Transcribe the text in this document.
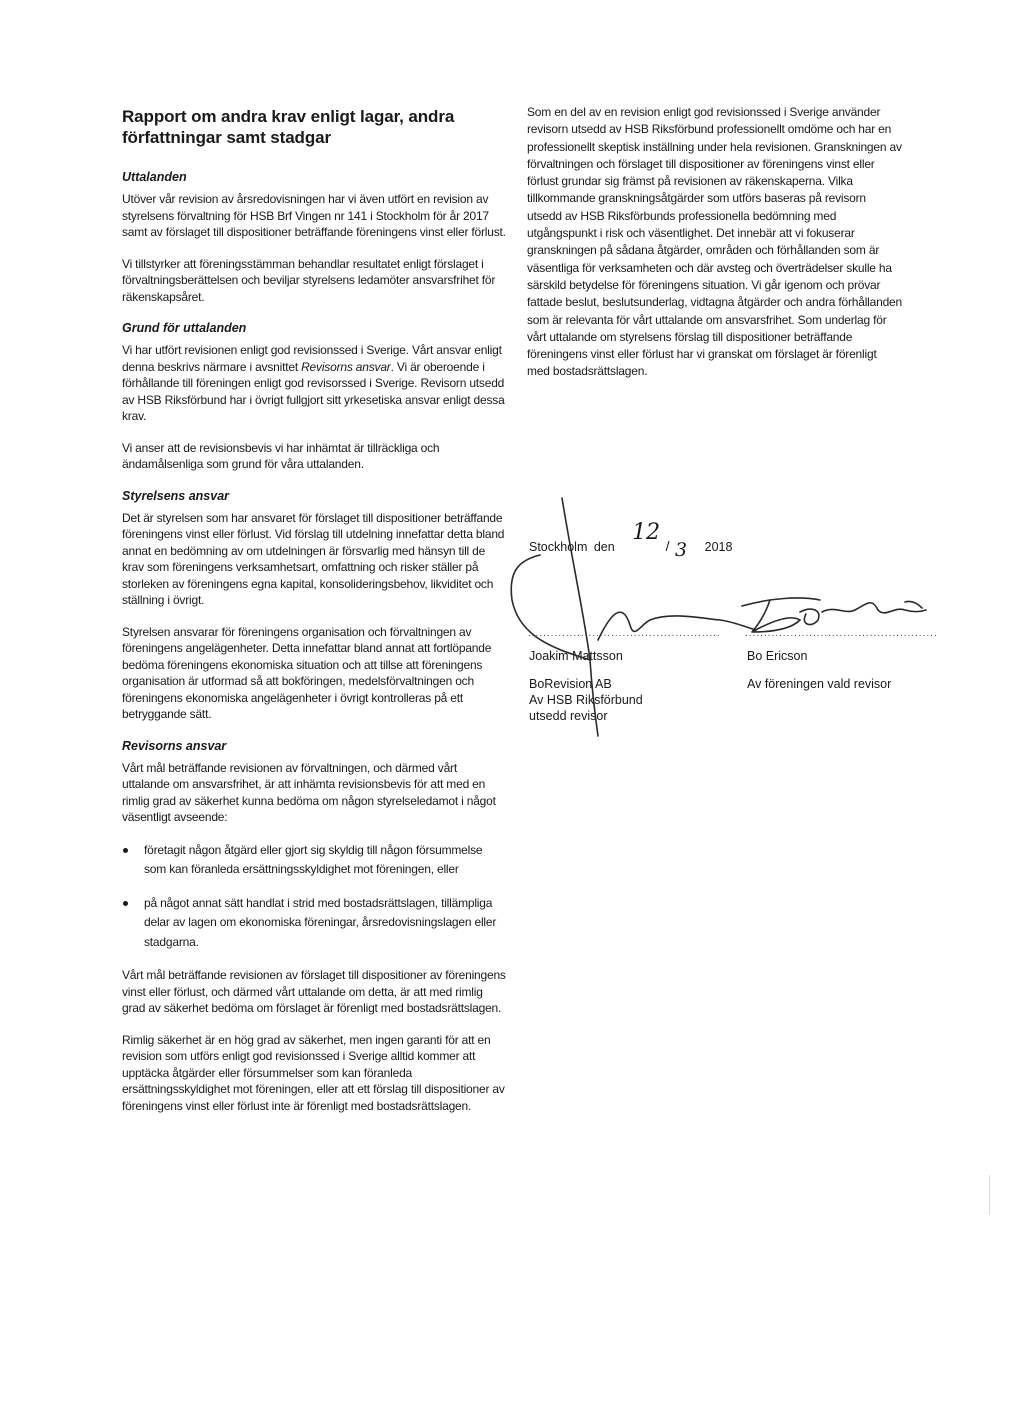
Rapport om andra krav enligt lagar, andra författningar samt stadgar
Uttalanden

Utöver vår revision av årsredovisningen har vi även utfört en revision av styrelsens förvaltning för HSB Brf Vingen nr 141 i Stockholm för år 2017 samt av förslaget till dispositioner beträffande föreningens vinst eller förlust.

Vi tillstyrker att föreningsstämman behandlar resultatet enligt förslaget i förvaltningsberättelsen och beviljar styrelsens ledamöter ansvarsfrihet för räkenskapsåret.

Grund för uttalanden

Vi har utfört revisionen enligt god revisionssed i Sverige. Vårt ansvar enligt denna beskrivs närmare i avsnittet Revisorns ansvar. Vi är oberoende i förhållande till föreningen enligt god revisorssed i Sverige. Revisorn utsedd av HSB Riksförbund har i övrigt fullgjort sitt yrkesetiska ansvar enligt dessa krav.

Vi anser att de revisionsbevis vi har inhämtat är tillräckliga och ändamålsenliga som grund för våra uttalanden.

Styrelsens ansvar

Det är styrelsen som har ansvaret för förslaget till dispositioner beträffande föreningens vinst eller förlust. Vid förslag till utdelning innefattar detta bland annat en bedömning av om utdelningen är försvarlig med hänsyn till de krav som föreningens verksamhetsart, omfattning och risker ställer på storleken av föreningens egna kapital, konsolideringsbehov, likviditet och ställning i övrigt.

Styrelsen ansvarar för föreningens organisation och förvaltningen av föreningens angelägenheter. Detta innefattar bland annat att fortlöpande bedöma föreningens ekonomiska situation och att tillse att föreningens organisation är utformad så att bokföringen, medelsförvaltningen och föreningens ekonomiska angelägenheter i övrigt kontrolleras på ett betryggande sätt.

Revisorns ansvar

Vårt mål beträffande revisionen av förvaltningen, och därmed vårt uttalande om ansvarsfrihet, är att inhämta revisionsbevis för att med en rimlig grad av säkerhet kunna bedöma om någon styrelseledamot i något väsentligt avseende:

företagit någon åtgärd eller gjort sig skyldig till någon försummelse som kan föranleda ersättningsskyldighet mot föreningen, eller
på något annat sätt handlat i strid med bostadsrättslagen, tillämpliga delar av lagen om ekonomiska föreningar, årsredovisningslagen eller stadgarna.

Vårt mål beträffande revisionen av förslaget till dispositioner av föreningens vinst eller förlust, och därmed vårt uttalande om detta, är att med rimlig grad av säkerhet bedöma om förslaget är förenligt med bostadsrättslagen.

Rimlig säkerhet är en hög grad av säkerhet, men ingen garanti för att en revision som utförs enligt god revisionssed i Sverige alltid kommer att upptäcka åtgärder eller försummelser som kan föranleda ersättningsskyldighet mot föreningen, eller att ett förslag till dispositioner av föreningens vinst eller förlust inte är förenligt med bostadsrättslagen.

Som en del av en revision enligt god revisionssed i Sverige använder revisorn utsedd av HSB Riksförbund professionellt omdöme och har en professionellt skeptisk inställning under hela revisionen. Granskningen av förvaltningen och förslaget till dispositioner av föreningens vinst eller förlust grundar sig främst på revisionen av räkenskaperna. Vilka tillkommande granskningsåtgärder som utförs baseras på revisorn utsedd av HSB Riksförbunds professionella bedömning med utgångspunkt i risk och väsentlighet. Det innebär att vi fokuserar granskningen på sådana åtgärder, områden och förhållanden som är väsentliga för verksamheten och där avsteg och överträdelser skulle ha särskild betydelse för föreningens situation. Vi går igenom och prövar fattade beslut, beslutsunderlag, vidtagna åtgärder och andra förhållanden som är relevanta för vårt uttalande om ansvarsfrihet. Som underlag för vårt uttalande om styrelsens förslag till dispositioner beträffande föreningens vinst eller förlust har vi granskat om förslaget är förenligt med bostadsrättslagen.

Stockholm den 12 / 3 2018
................................................... ...................................................
Joakim Mattsson
BoRevision AB
Av HSB Riksförbund
utsedd revisor
Bo Ericson
Av föreningen vald revisor
